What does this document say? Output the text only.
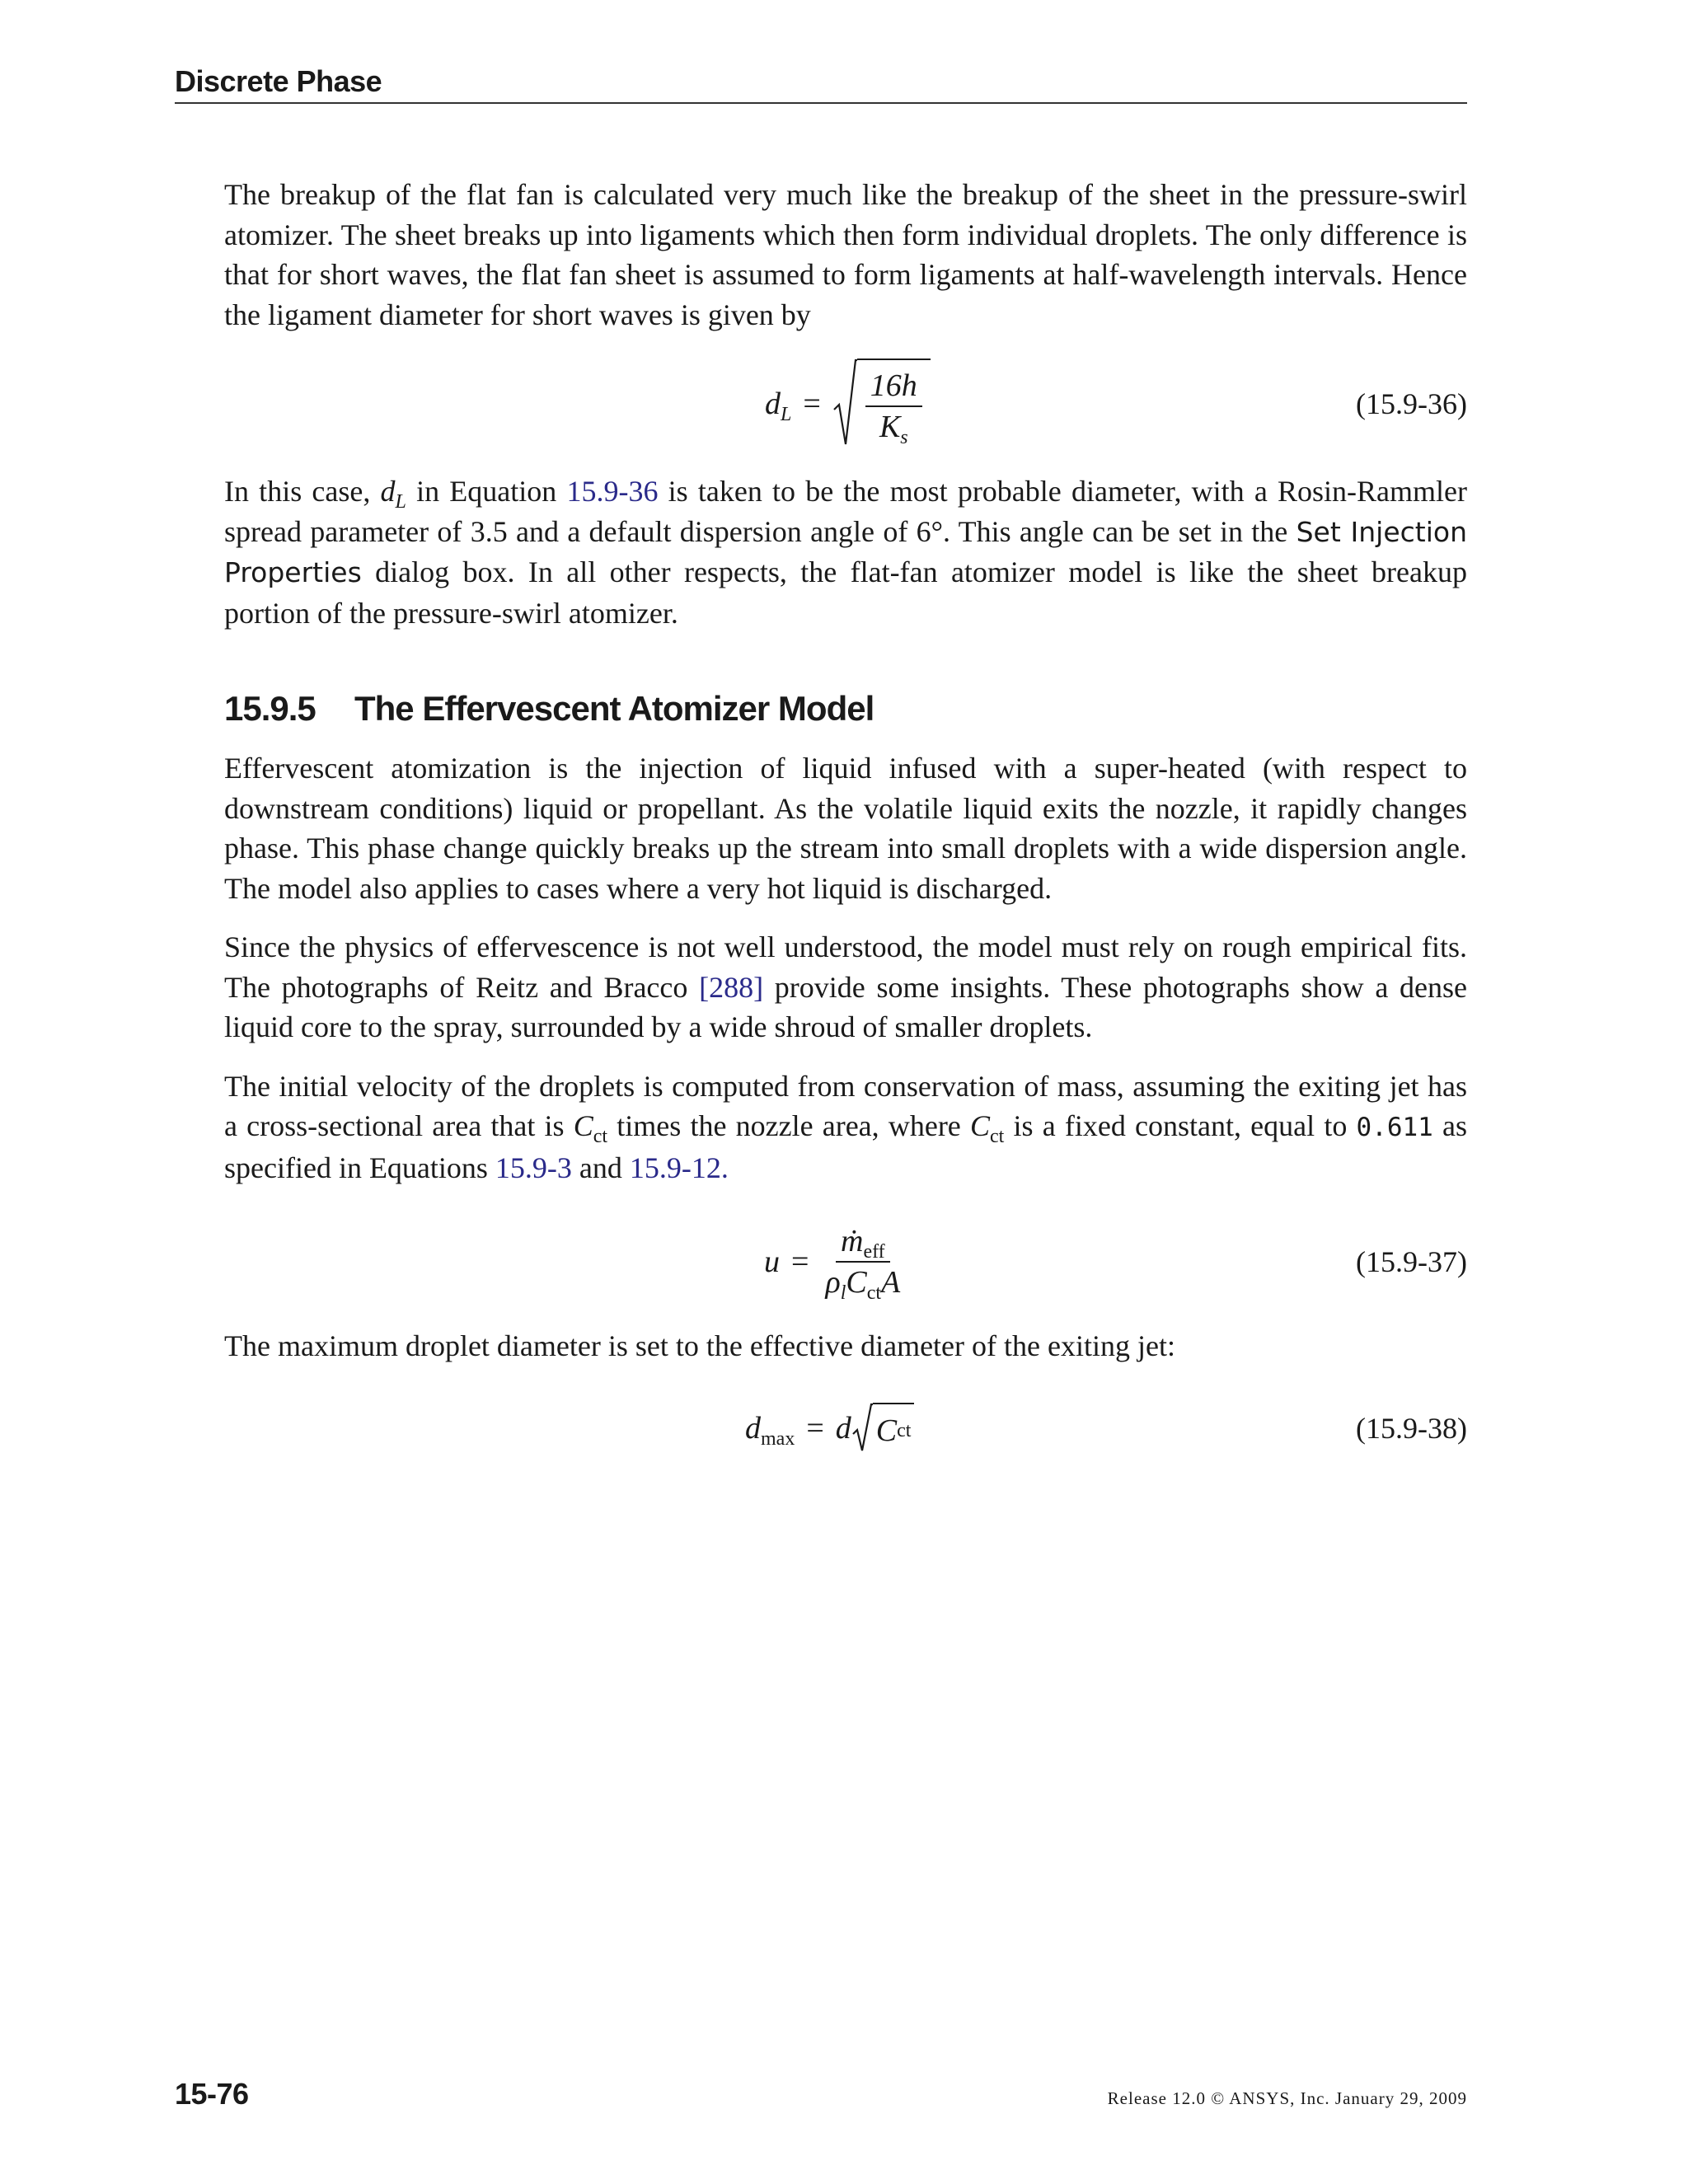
Discrete Phase

The breakup of the flat fan is calculated very much like the breakup of the sheet in the pressure-swirl atomizer. The sheet breaks up into ligaments which then form individual droplets. The only difference is that for short waves, the flat fan sheet is assumed to form ligaments at half-wavelength intervals. Hence the ligament diameter for short waves is given by

$d_L = \frac{16h}{K_s}$	(15.9-36)

In this case, $d_L$ in Equation 15.9-36 is taken to be the most probable diameter, with a Rosin-Rammler spread parameter of 3.5 and a default dispersion angle of 6°. This angle can be set in the Set Injection Properties dialog box. In all other respects, the flat-fan atomizer model is like the sheet breakup portion of the pressure-swirl atomizer.

15.9.5 The Effervescent Atomizer Model

Effervescent atomization is the injection of liquid infused with a super-heated (with respect to downstream conditions) liquid or propellant. As the volatile liquid exits the nozzle, it rapidly changes phase. This phase change quickly breaks up the stream into small droplets with a wide dispersion angle. The model also applies to cases where a very hot liquid is discharged.

Since the physics of effervescence is not well understood, the model must rely on rough empirical fits. The photographs of Reitz and Bracco [288] provide some insights. These photographs show a dense liquid core to the spray, surrounded by a wide shroud of smaller droplets.

The initial velocity of the droplets is computed from conservation of mass, assuming the exiting jet has a cross-sectional area that is $C_{ct}$ times the nozzle area, where $C_{ct}$ is a fixed constant, equal to 0.611 as specified in Equations 15.9-3 and 15.9-12.

$u = \frac{ṁ_{eff}}{\rho_lC_{ct}A}$	(15.9-37)

The maximum droplet diameter is set to the effective diameter of the exiting jet:

$d_{max} = d$ C ct	(15.9-38)
15-76	Release 12.0 © ANSYS, Inc. January 29, 2009
